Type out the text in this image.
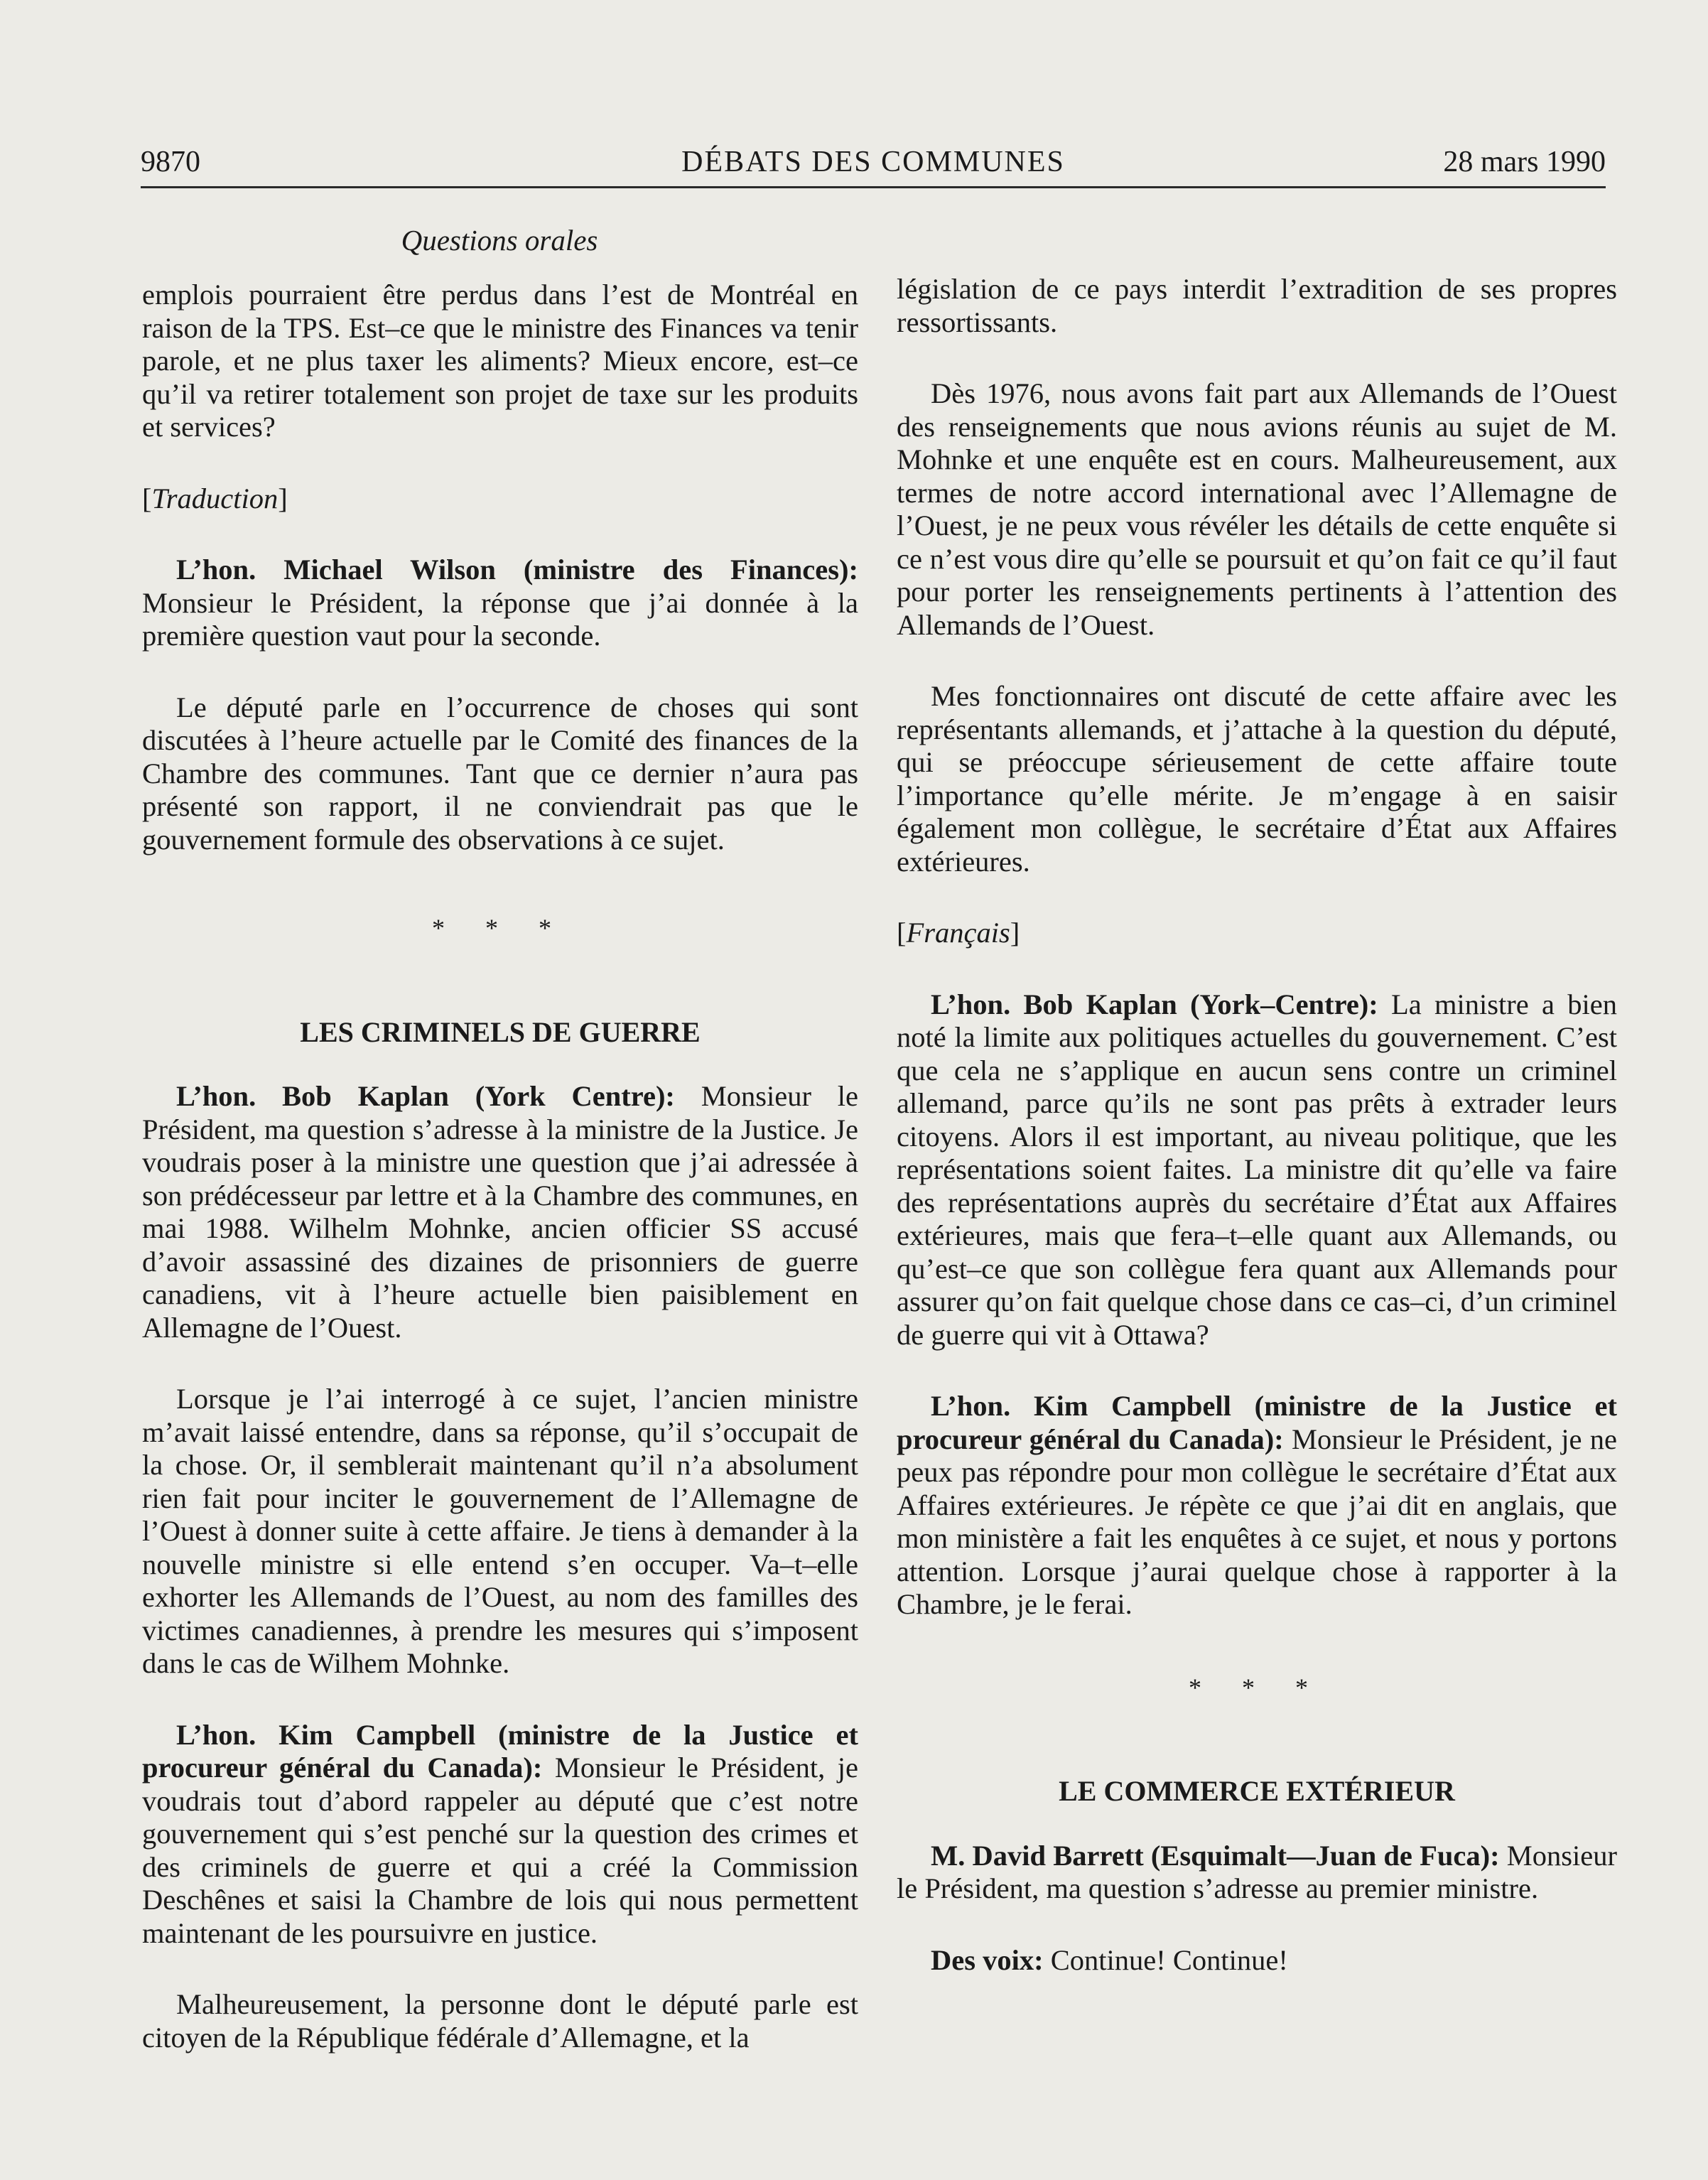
9870	DÉBATS DES COMMUNES	28 mars 1990
Questions orales

emplois pourraient être perdus dans l’est de Montréal en raison de la TPS. Est–ce que le ministre des Finances va tenir parole, et ne plus taxer les aliments? Mieux encore, est–ce qu’il va retirer totalement son projet de taxe sur les produits et services?

[Traduction]

L’hon. Michael Wilson (ministre des Finances): Monsieur le Président, la réponse que j’ai donnée à la première question vaut pour la seconde.

Le député parle en l’occurrence de choses qui sont discutées à l’heure actuelle par le Comité des finances de la Chambre des communes. Tant que ce dernier n’aura pas présenté son rapport, il ne conviendrait pas que le gouvernement formule des observations à ce sujet.

* * *

LES CRIMINELS DE GUERRE

L’hon. Bob Kaplan (York Centre): Monsieur le Président, ma question s’adresse à la ministre de la Justice. Je voudrais poser à la ministre une question que j’ai adressée à son prédécesseur par lettre et à la Chambre des communes, en mai 1988. Wilhelm Mohnke, ancien officier SS accusé d’avoir assassiné des dizaines de prisonniers de guerre canadiens, vit à l’heure actuelle bien paisiblement en Allemagne de l’Ouest.

Lorsque je l’ai interrogé à ce sujet, l’ancien ministre m’avait laissé entendre, dans sa réponse, qu’il s’occupait de la chose. Or, il semblerait maintenant qu’il n’a absolument rien fait pour inciter le gouvernement de l’Allemagne de l’Ouest à donner suite à cette affaire. Je tiens à demander à la nouvelle ministre si elle entend s’en occuper. Va–t–elle exhorter les Allemands de l’Ouest, au nom des familles des victimes canadiennes, à prendre les mesures qui s’imposent dans le cas de Wilhem Mohnke.

L’hon. Kim Campbell (ministre de la Justice et procureur général du Canada): Monsieur le Président, je voudrais tout d’abord rappeler au député que c’est notre gouvernement qui s’est penché sur la question des crimes et des criminels de guerre et qui a créé la Commission Deschênes et saisi la Chambre de lois qui nous permettent maintenant de les poursuivre en justice.

Malheureusement, la personne dont le député parle est citoyen de la République fédérale d’Allemagne, et la

législation de ce pays interdit l’extradition de ses propres ressortissants.

Dès 1976, nous avons fait part aux Allemands de l’Ouest des renseignements que nous avions réunis au sujet de M. Mohnke et une enquête est en cours. Malheureusement, aux termes de notre accord international avec l’Allemagne de l’Ouest, je ne peux vous révéler les détails de cette enquête si ce n’est vous dire qu’elle se poursuit et qu’on fait ce qu’il faut pour porter les renseignements pertinents à l’attention des Allemands de l’Ouest.

Mes fonctionnaires ont discuté de cette affaire avec les représentants allemands, et j’attache à la question du député, qui se préoccupe sérieusement de cette affaire toute l’importance qu’elle mérite. Je m’engage à en saisir également mon collègue, le secrétaire d’État aux Affaires extérieures.

[Français]

L’hon. Bob Kaplan (York–Centre): La ministre a bien noté la limite aux politiques actuelles du gouvernement. C’est que cela ne s’applique en aucun sens contre un criminel allemand, parce qu’ils ne sont pas prêts à extrader leurs citoyens. Alors il est important, au niveau politique, que les représentations soient faites. La ministre dit qu’elle va faire des représentations auprès du secrétaire d’État aux Affaires extérieures, mais que fera–t–elle quant aux Allemands, ou qu’est–ce que son collègue fera quant aux Allemands pour assurer qu’on fait quelque chose dans ce cas–ci, d’un criminel de guerre qui vit à Ottawa?

L’hon. Kim Campbell (ministre de la Justice et procureur général du Canada): Monsieur le Président, je ne peux pas répondre pour mon collègue le secrétaire d’État aux Affaires extérieures. Je répète ce que j’ai dit en anglais, que mon ministère a fait les enquêtes à ce sujet, et nous y portons attention. Lorsque j’aurai quelque chose à rapporter à la Chambre, je le ferai.

* * *

LE COMMERCE EXTÉRIEUR

M. David Barrett (Esquimalt—Juan de Fuca): Monsieur le Président, ma question s’adresse au premier ministre.

Des voix: Continue! Continue!
